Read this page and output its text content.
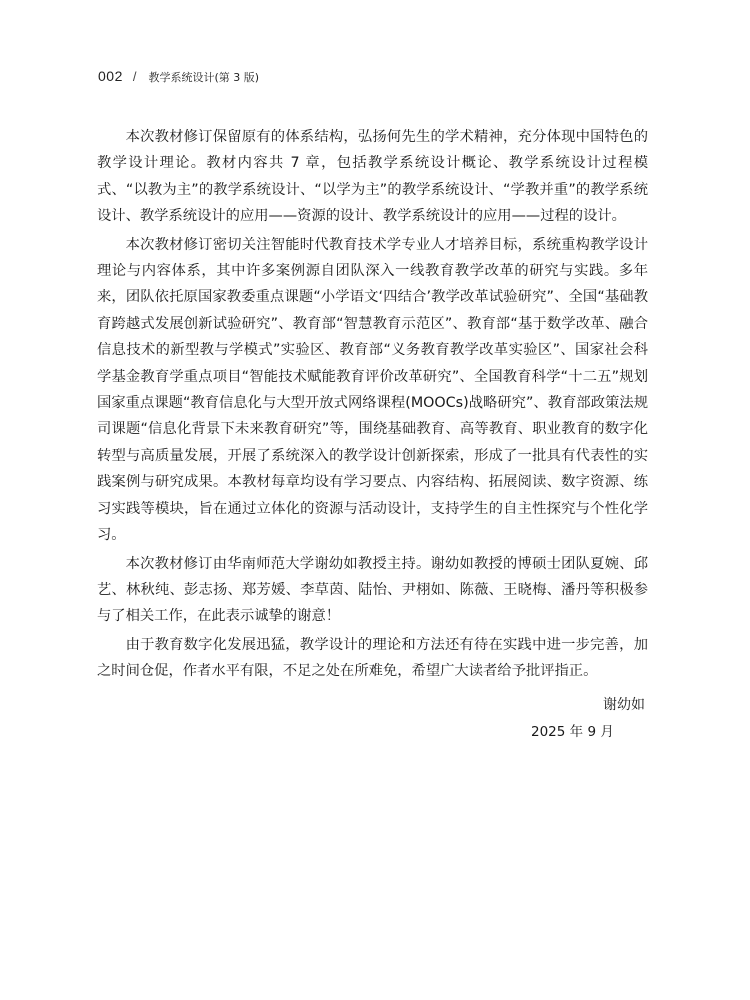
002 / 教学系统设计(第 3 版)

本次教材修订保留原有的体系结构，弘扬何先生的学术精神，充分体现中国特色的教学设计理论。教材内容共 7 章，包括教学系统设计概论、教学系统设计过程模式、“以教为主”的教学系统设计、“以学为主”的教学系统设计、“学教并重”的教学系统设计、教学系统设计的应用——资源的设计、教学系统设计的应用——过程的设计。

本次教材修订密切关注智能时代教育技术学专业人才培养目标，系统重构教学设计理论与内容体系，其中许多案例源自团队深入一线教育教学改革的研究与实践。多年来，团队依托原国家教委重点课题“小学语文‘四结合’教学改革试验研究”、全国“基础教育跨越式发展创新试验研究”、教育部“智慧教育示范区”、教育部“基于数学改革、融合信息技术的新型教与学模式”实验区、教育部“义务教育教学改革实验区”、国家社会科学基金教育学重点项目“智能技术赋能教育评价改革研究”、全国教育科学“十二五”规划国家重点课题“教育信息化与大型开放式网络课程(MOOCs)战略研究”、教育部政策法规司课题“信息化背景下未来教育研究”等，围绕基础教育、高等教育、职业教育的数字化转型与高质量发展，开展了系统深入的教学设计创新探索，形成了一批具有代表性的实践案例与研究成果。本教材每章均设有学习要点、内容结构、拓展阅读、数字资源、练习实践等模块，旨在通过立体化的资源与活动设计，支持学生的自主性探究与个性化学习。

本次教材修订由华南师范大学谢幼如教授主持。谢幼如教授的博硕士团队夏婉、邱艺、林秋纯、彭志扬、郑芳媛、李草茵、陆怡、尹栩如、陈薇、王晓梅、潘丹等积极参与了相关工作，在此表示诚挚的谢意！

由于教育数字化发展迅猛，教学设计的理论和方法还有待在实践中进一步完善，加之时间仓促，作者水平有限，不足之处在所难免，希望广大读者给予批评指正。

谢幼如
2025 年 9 月
